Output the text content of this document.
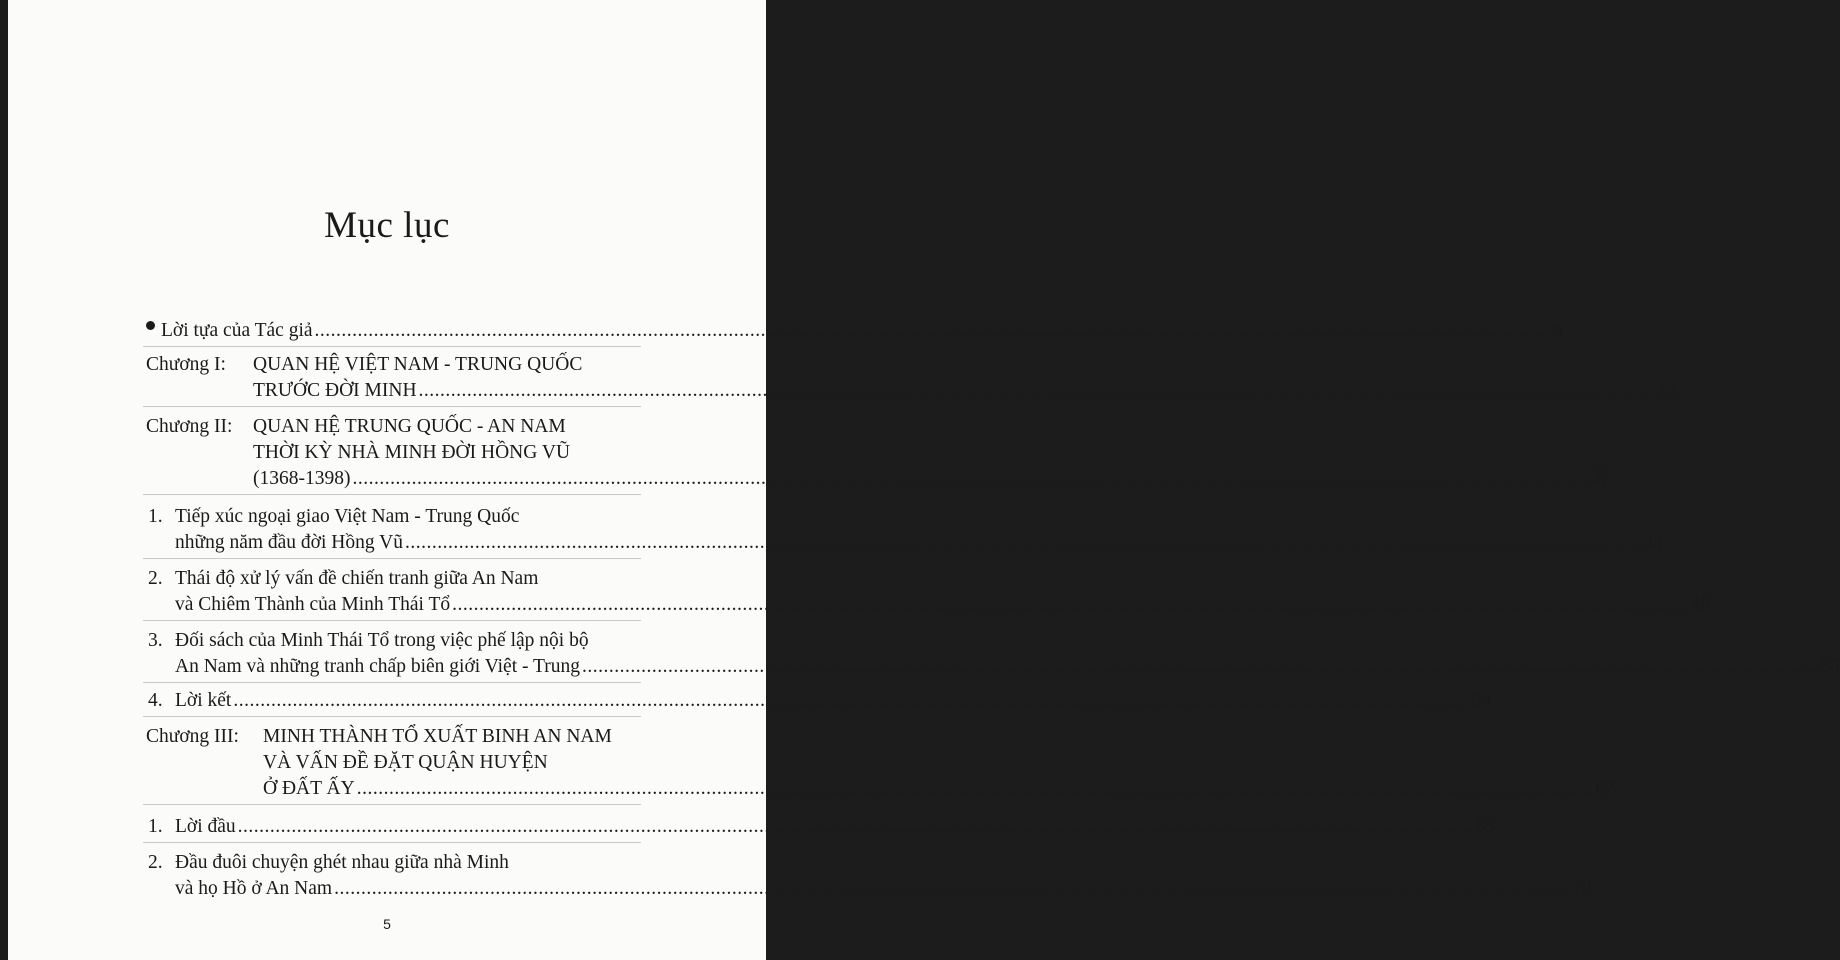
Mục lục
Lời tựa của Tác giả ...................................................................................................................................................................................................................................... 9
Chương I: QUAN HỆ VIỆT NAM - TRUNG QUỐC
TRƯỚC ĐỜI MINH ...................................................................................................................................................................................................................................... 13
Chương II: QUAN HỆ TRUNG QUỐC - AN NAM
THỜI KỲ NHÀ MINH ĐỜI HỒNG VŨ
(1368-1398) ...................................................................................................................................................................................................................................... 37
1. Tiếp xúc ngoại giao Việt Nam - Trung Quốc
những năm đầu đời Hồng Vũ ...................................................................................................................................................................................................................................... 39
2. Thái độ xử lý vấn đề chiến tranh giữa An Nam
và Chiêm Thành của Minh Thái Tổ ...................................................................................................................................................................................................................................... 48
3. Đối sách của Minh Thái Tổ trong việc phế lập nội bộ
An Nam và những tranh chấp biên giới Việt - Trung ...................................................................................................................................................................................................................................... 56
4. Lời kết ...................................................................................................................................................................................................................................... 64
Chương III: MINH THÀNH TỔ XUẤT BINH AN NAM
VÀ VẤN ĐỀ ĐẶT QUẬN HUYỆN
Ở ĐẤT ẤY ...................................................................................................................................................................................................................................... 67
1. Lời đầu ...................................................................................................................................................................................................................................... 69
2. Đầu đuôi chuyện ghét nhau giữa nhà Minh
và họ Hồ ở An Nam ...................................................................................................................................................................................................................................... 70
5
